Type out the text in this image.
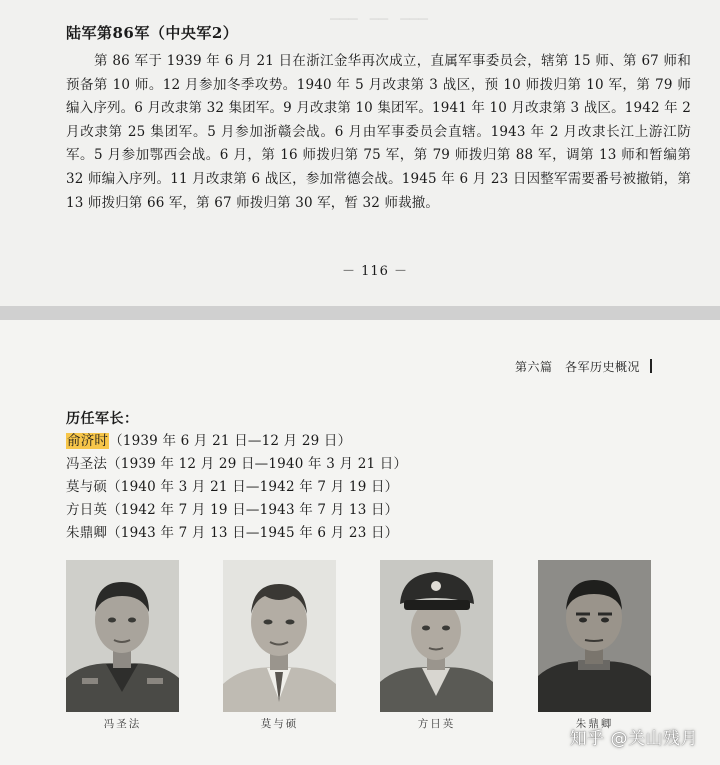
▁▁▁　▁▁　▁▁▁
陆军第86军（中央军2）

第 86 军于 1939 年 6 月 21 日在浙江金华再次成立，直属军事委员会，辖第 15 师、第 67 师和预备第 10 师。12 月参加冬季攻势。1940 年 5 月改隶第 3 战区，预 10 师拨归第 10 军，第 79 师编入序列。6 月改隶第 32 集团军。9 月改隶第 10 集团军。1941 年 10 月改隶第 3 战区。1942 年 2 月改隶第 25 集团军。5 月参加浙赣会战。6 月由军事委员会直辖。1943 年 2 月改隶长江上游江防军。5 月参加鄂西会战。6 月，第 16 师拨归第 75 军，第 79 师拨归第 88 军，调第 13 师和暂编第 32 师编入序列。11 月改隶第 6 战区，参加常德会战。1945 年 6 月 23 日因整军需要番号被撤销，第 13 师拨归第 66 军，第 67 师拨归第 30 军，暂 32 师裁撤。

－ 116 －
第六篇　各军历史概况
历任军长：
俞济时（1939 年 6 月 21 日—12 月 29 日）
冯圣法（1939 年 12 月 29 日—1940 年 3 月 21 日）
莫与硕（1940 年 3 月 21 日—1942 年 7 月 19 日）
方日英（1942 年 7 月 19 日—1943 年 7 月 13 日）
朱鼎卿（1943 年 7 月 13 日—1945 年 6 月 23 日）
冯圣法	莫与硕	方日英	朱鼎卿
知乎 @关山残月
